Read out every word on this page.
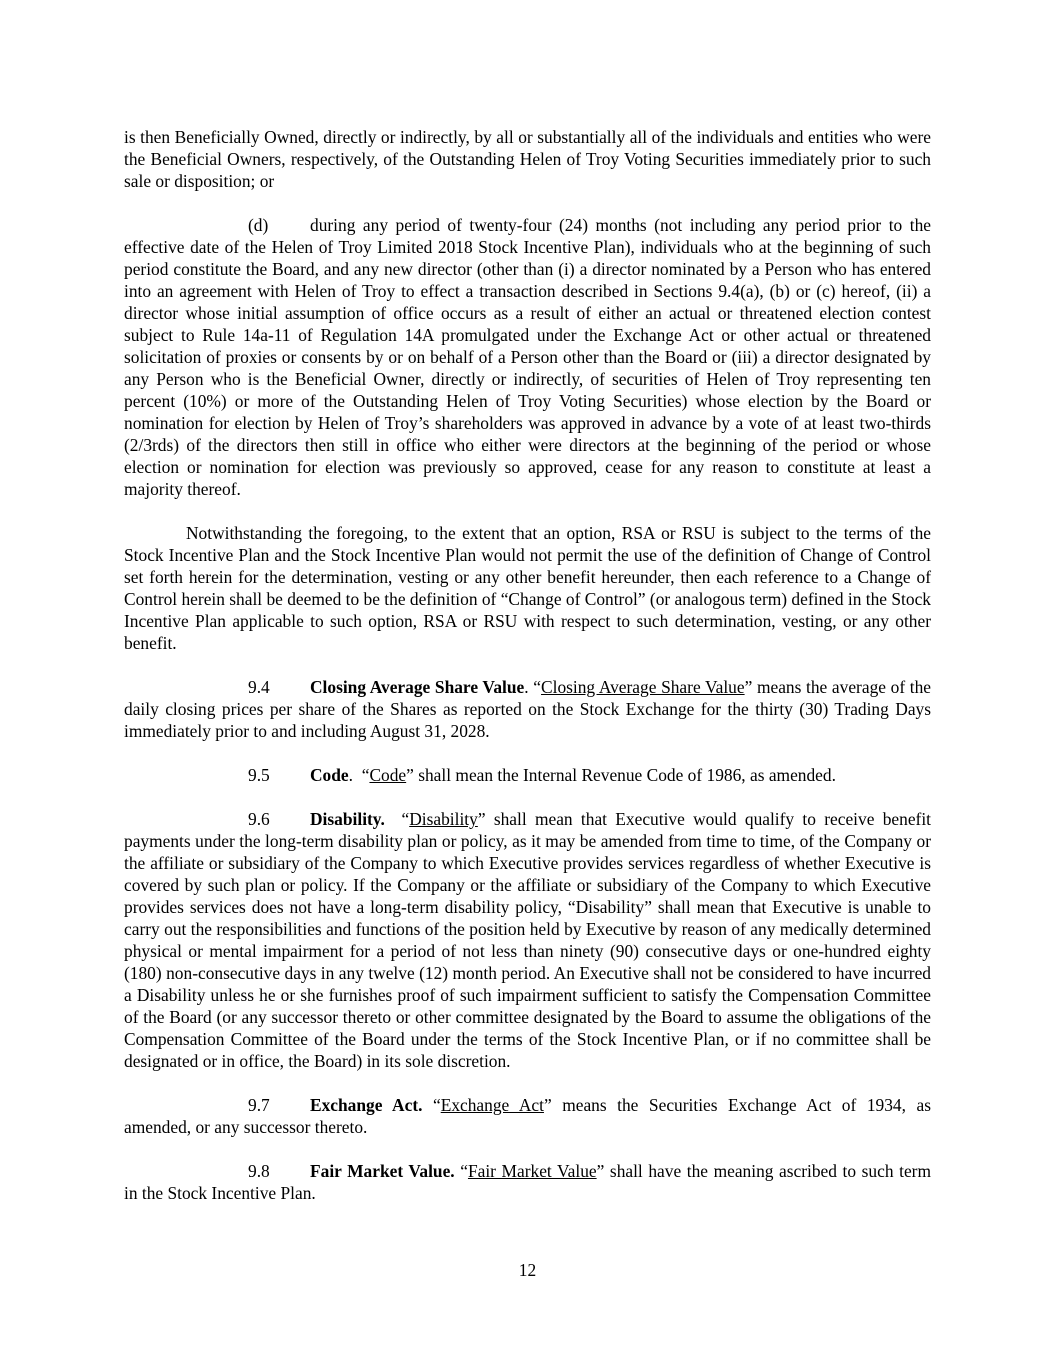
is then Beneficially Owned, directly or indirectly, by all or substantially all of the individuals and entities who were the Beneficial Owners, respectively, of the Outstanding Helen of Troy Voting Securities immediately prior to such sale or disposition; or

(d) during any period of twenty-four (24) months (not including any period prior to the effective date of the Helen of Troy Limited 2018 Stock Incentive Plan), individuals who at the beginning of such period constitute the Board, and any new director (other than (i) a director nominated by a Person who has entered into an agreement with Helen of Troy to effect a transaction described in Sections 9.4(a), (b) or (c) hereof, (ii) a director whose initial assumption of office occurs as a result of either an actual or threatened election contest subject to Rule 14a-11 of Regulation 14A promulgated under the Exchange Act or other actual or threatened solicitation of proxies or consents by or on behalf of a Person other than the Board or (iii) a director designated by any Person who is the Beneficial Owner, directly or indirectly, of securities of Helen of Troy representing ten percent (10%) or more of the Outstanding Helen of Troy Voting Securities) whose election by the Board or nomination for election by Helen of Troy’s shareholders was approved in advance by a vote of at least two-thirds (2/3rds) of the directors then still in office who either were directors at the beginning of the period or whose election or nomination for election was previously so approved, cease for any reason to constitute at least a majority thereof.

Notwithstanding the foregoing, to the extent that an option, RSA or RSU is subject to the terms of the Stock Incentive Plan and the Stock Incentive Plan would not permit the use of the definition of Change of Control set forth herein for the determination, vesting or any other benefit hereunder, then each reference to a Change of Control herein shall be deemed to be the definition of “Change of Control” (or analogous term) defined in the Stock Incentive Plan applicable to such option, RSA or RSU with respect to such determination, vesting, or any other benefit.

9.4 Closing Average Share Value. “Closing Average Share Value” means the average of the daily closing prices per share of the Shares as reported on the Stock Exchange for the thirty (30) Trading Days immediately prior to and including August 31, 2028.

9.5 Code.  “Code” shall mean the Internal Revenue Code of 1986, as amended.

9.6 Disability.  “Disability” shall mean that Executive would qualify to receive benefit payments under the long-term disability plan or policy, as it may be amended from time to time, of the Company or the affiliate or subsidiary of the Company to which Executive provides services regardless of whether Executive is covered by such plan or policy. If the Company or the affiliate or subsidiary of the Company to which Executive provides services does not have a long-term disability policy, “Disability” shall mean that Executive is unable to carry out the responsibilities and functions of the position held by Executive by reason of any medically determined physical or mental impairment for a period of not less than ninety (90) consecutive days or one-hundred eighty (180) non-consecutive days in any twelve (12) month period. An Executive shall not be considered to have incurred a Disability unless he or she furnishes proof of such impairment sufficient to satisfy the Compensation Committee of the Board (or any successor thereto or other committee designated by the Board to assume the obligations of the Compensation Committee of the Board under the terms of the Stock Incentive Plan, or if no committee shall be designated or in office, the Board) in its sole discretion.

9.7 Exchange Act. “Exchange Act” means the Securities Exchange Act of 1934, as amended, or any successor thereto.

9.8 Fair Market Value. “Fair Market Value” shall have the meaning ascribed to such term in the Stock Incentive Plan.

12
